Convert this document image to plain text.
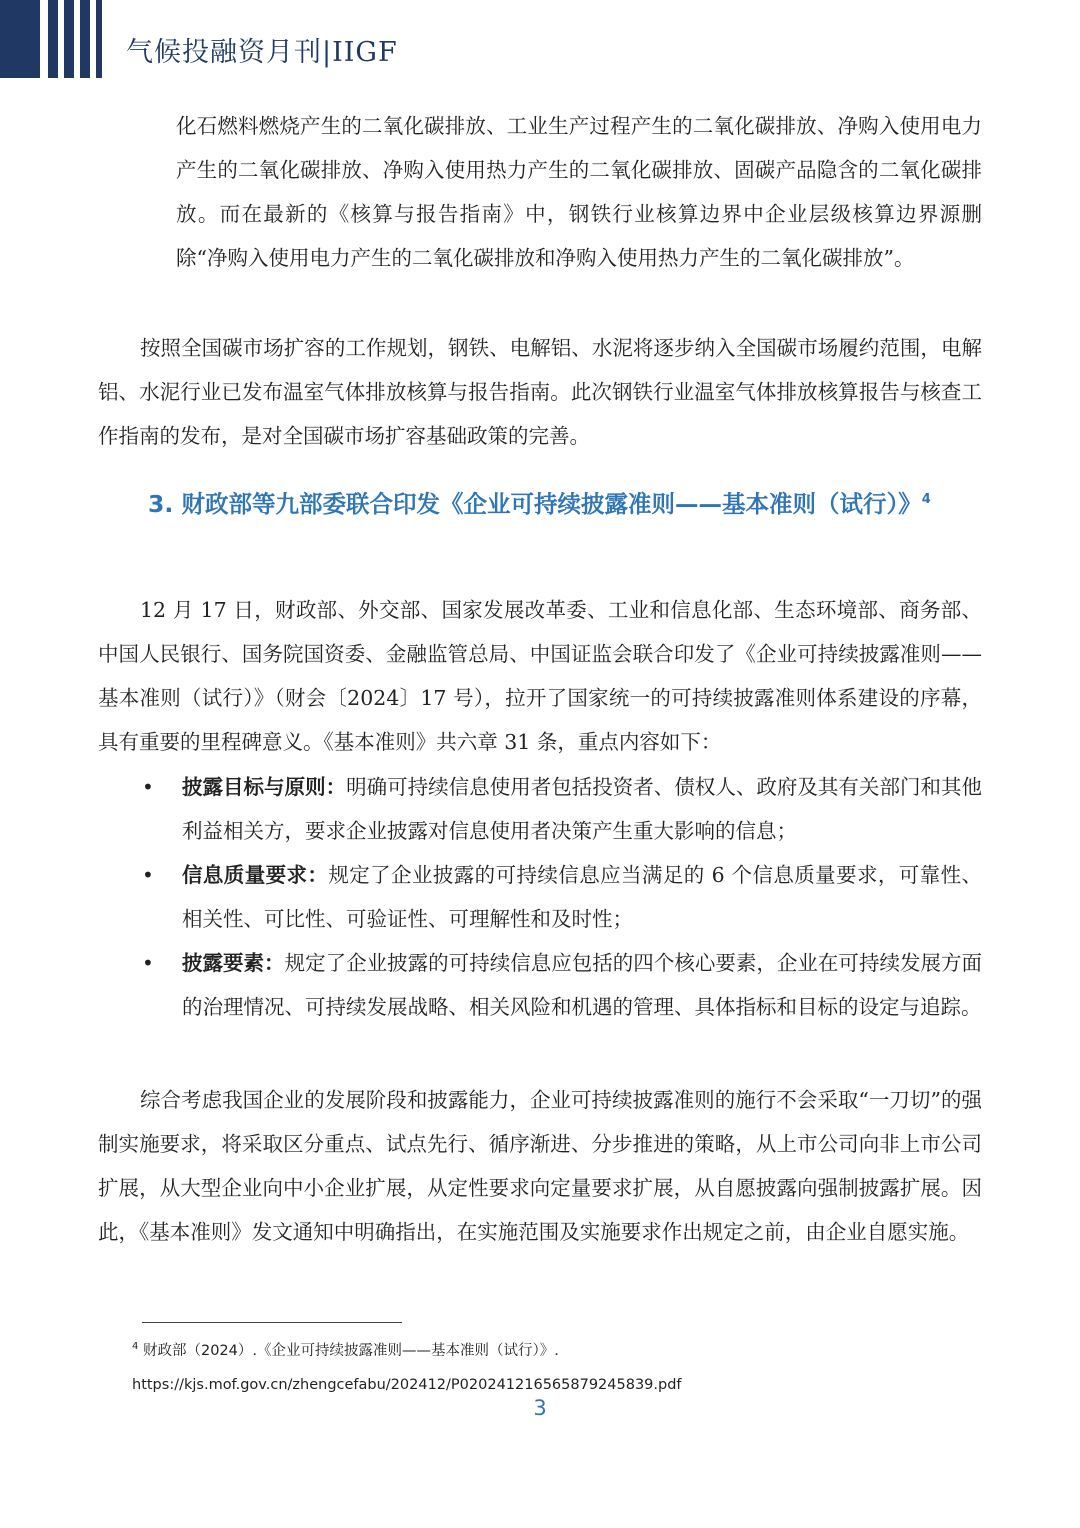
气候投融资月刊|IIGF

化石燃料燃烧产生的二氧化碳排放、工业生产过程产生的二氧化碳排放、净购入使用电力产生的二氧化碳排放、净购入使用热力产生的二氧化碳排放、固碳产品隐含的二氧化碳排放。而在最新的《核算与报告指南》中，钢铁行业核算边界中企业层级核算边界源删除“净购入使用电力产生的二氧化碳排放和净购入使用热力产生的二氧化碳排放”。

按照全国碳市场扩容的工作规划，钢铁、电解铝、水泥将逐步纳入全国碳市场履约范围，电解铝、水泥行业已发布温室气体排放核算与报告指南。此次钢铁行业温室气体排放核算报告与核查工作指南的发布，是对全国碳市场扩容基础政策的完善。

3. 财政部等九部委联合印发《企业可持续披露准则——基本准则（试行）》$^4$

12 月 17 日，财政部、外交部、国家发展改革委、工业和信息化部、生态环境部、商务部、中国人民银行、国务院国资委、金融监管总局、中国证监会联合印发了《企业可持续披露准则——基本准则（试行）》（财会〔2024〕17 号），拉开了国家统一的可持续披露准则体系建设的序幕，具有重要的里程碑意义。《基本准则》共六章 31 条，重点内容如下：

• 披露目标与原则：明确可持续信息使用者包括投资者、债权人、政府及其有关部门和其他利益相关方，要求企业披露对信息使用者决策产生重大影响的信息；
• 信息质量要求：规定了企业披露的可持续信息应当满足的 6 个信息质量要求，可靠性、相关性、可比性、可验证性、可理解性和及时性；
• 披露要素：规定了企业披露的可持续信息应包括的四个核心要素，企业在可持续发展方面的治理情况、可持续发展战略、相关风险和机遇的管理、具体指标和目标的设定与追踪。

综合考虑我国企业的发展阶段和披露能力，企业可持续披露准则的施行不会采取“一刀切”的强制实施要求，将采取区分重点、试点先行、循序渐进、分步推进的策略，从上市公司向非上市公司扩展，从大型企业向中小企业扩展，从定性要求向定量要求扩展，从自愿披露向强制披露扩展。因此，《基本准则》发文通知中明确指出，在实施范围及实施要求作出规定之前，由企业自愿实施。

$^4$ 财政部（2024）.《企业可持续披露准则——基本准则（试行）》.
https://kjs.mof.gov.cn/zhengcefabu/202412/P020241216565879245839.pdf
3
